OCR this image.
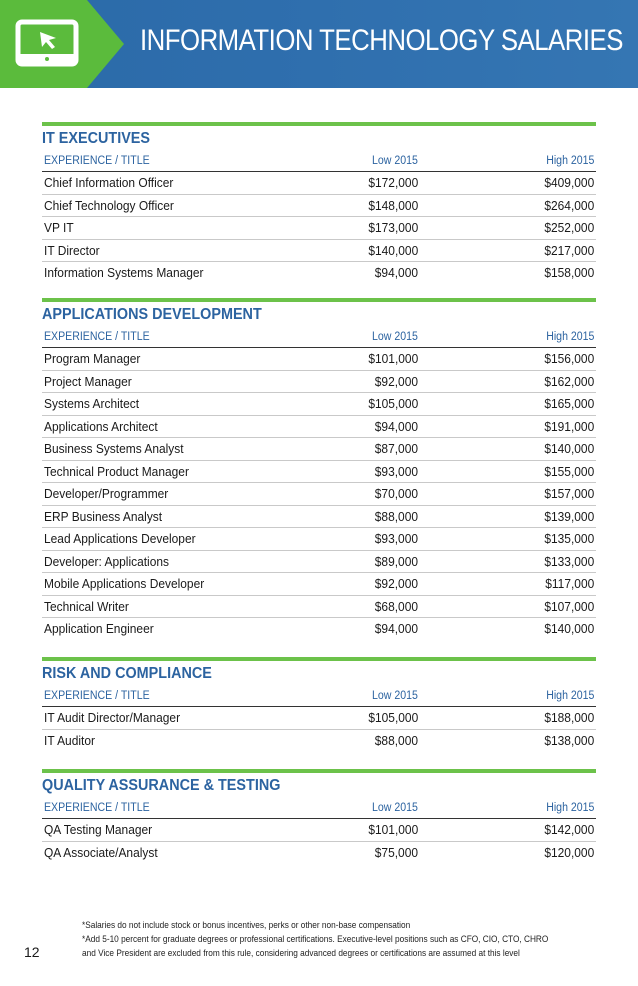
INFORMATION TECHNOLOGY SALARIES
IT EXECUTIVES
EXPERIENCE / TITLE	Low 2015	High 2015
Chief Information Officer	$172,000	$409,000
Chief Technology Officer	$148,000	$264,000
VP IT	$173,000	$252,000
IT Director	$140,000	$217,000
Information Systems Manager	$94,000	$158,000
APPLICATIONS DEVELOPMENT
EXPERIENCE / TITLE	Low 2015	High 2015
Program Manager	$101,000	$156,000
Project Manager	$92,000	$162,000
Systems Architect	$105,000	$165,000
Applications Architect	$94,000	$191,000
Business Systems Analyst	$87,000	$140,000
Technical Product Manager	$93,000	$155,000
Developer/Programmer	$70,000	$157,000
ERP Business Analyst	$88,000	$139,000
Lead Applications Developer	$93,000	$135,000
Developer: Applications	$89,000	$133,000
Mobile Applications Developer	$92,000	$117,000
Technical Writer	$68,000	$107,000
Application Engineer	$94,000	$140,000
RISK AND COMPLIANCE
EXPERIENCE / TITLE	Low 2015	High 2015
IT Audit Director/Manager	$105,000	$188,000
IT Auditor	$88,000	$138,000
QUALITY ASSURANCE & TESTING
EXPERIENCE / TITLE	Low 2015	High 2015
QA Testing Manager	$101,000	$142,000
QA Associate/Analyst	$75,000	$120,000
*Salaries do not include stock or bonus incentives, perks or other non-base compensation
*Add 5-10 percent for graduate degrees or professional certifications. Executive-level positions such as CFO, CIO, CTO, CHRO
and Vice President are excluded from this rule, considering advanced degrees or certifications are assumed at this level
12
